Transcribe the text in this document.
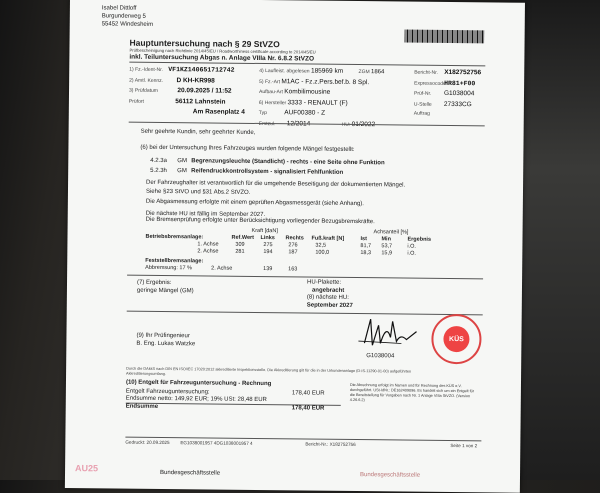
Isabel Dittloff
Burgunderweg 5
55452 Windesheim
Hauptuntersuchung nach § 29 StVZO
Prüfbescheinigung nach Richtlinie 2014/45/EU / Roadworthiness certificate according to 2014/45/EU
inkl. Teiluntersuchung Abgas n. Anlage VIIIa Nr. 6.8.2 StVZO
1) Fz.-Ident-Nr. VF1KZ140651712742
2) Amtl. Kennz. D KH-KR998
3) Prüfdatum	20.09.2025 / 11:52
Prüfort	56112 Lahnstein
Am Rasenplatz 4
4) Laufleist. abgelesen 185969 km	ZGM 1864
5) Fz.-Art M1AC - Fz.z.Pers.bef.b. 8 Spl.
Aufbau-Art Kombilimousine
6) Hersteller 3333 - RENAULT (F)
Typ	AUF00380 - Z
Erstzul. 12/2014	HU: 01/2022
Bericht-Nr. X182752756
ExpressocodeHR81+F00
Prüf-Nr. G1038004
U-Stelle 27333CG
Auftrag
Sehr geehrte Kundin, sehr geehrter Kunde,
(6) bei der Untersuchung Ihres Fahrzeuges wurden folgende Mängel festgestellt:
4.2.3a GM Begrenzungsleuchte (Standlicht) - rechts - eine Seite ohne Funktion
5.2.3h GM Reifendruckkontrollsystem - signalisiert Fehlfunktion
Der Fahrzeughalter ist verantwortlich für die umgehende Beseitigung der dokumentierten Mängel.
Siehe §23 StVO und §31 Abs.2 StVZO.
Die Abgasmessung erfolgte mit einem geprüften Abgasmessgerät (siehe Anhang).
Die nächste HU ist fällig im September 2027.
Die Bremsenprüfung erfolgte unter Berücksichtigung vorliegender Bezugsbremskräfte.
Kraft [daN]	Achsanteil [%]
Betriebsbremsanlage:	Ref.Wert Links Rechts Fuß.kraft [N]	Ist	Min	Ergebnis
1. Achse	309	275	276	32,5	81,7 53,7	i.O.
2. Achse	281	194	187	100,0	18,3 15,9	i.O.
Feststellbremsanlage:
Abbremsung: 17 %	2. Achse	139	163
(7) Ergebnis:
geringe Mängel (GM)
HU-Plakette:
angebracht
(8) nächste HU:
September 2027
(9) Ihr Prüfingenieur
B. Eng. Lukas Watzke
G1038004
KÜS
Durch die DAkkS nach DIN EN ISO/IEC 17020:2012 akkreditierte Inspektionsstelle. Die Akkreditierung gilt für die in der Urkundenanlage (D-IS-11290-01-00) aufgeführten Akkreditierungsumfang.
(10) Entgelt für Fahrzeuguntersuchung - Rechnung
Entgelt Fahrzeuguntersuchung:	178,40 EUR
Endsumme netto: 149,92 EUR; 19% USt: 28,48 EUR
Endsumme	178,40 EUR
Die Abrechnung erfolgt im Namen und für Rechnung des KÜS e.V. durchgeführt. USt-IdNr.: DE162409096. Es handelt sich um ein Entgelt für die Bereitstellung für Vorgaben nach Nr. 1 Anlage VIIIa StVZO. (Version 4.26.6.2)
Gedruckt: 20.09.2025 EG1038001957 4DG1038001957 4	Bericht-Nr.: X182752756	Seite 1 von 2
AU25	Bundesgeschäftsstelle	Bundesgeschäftsstelle
